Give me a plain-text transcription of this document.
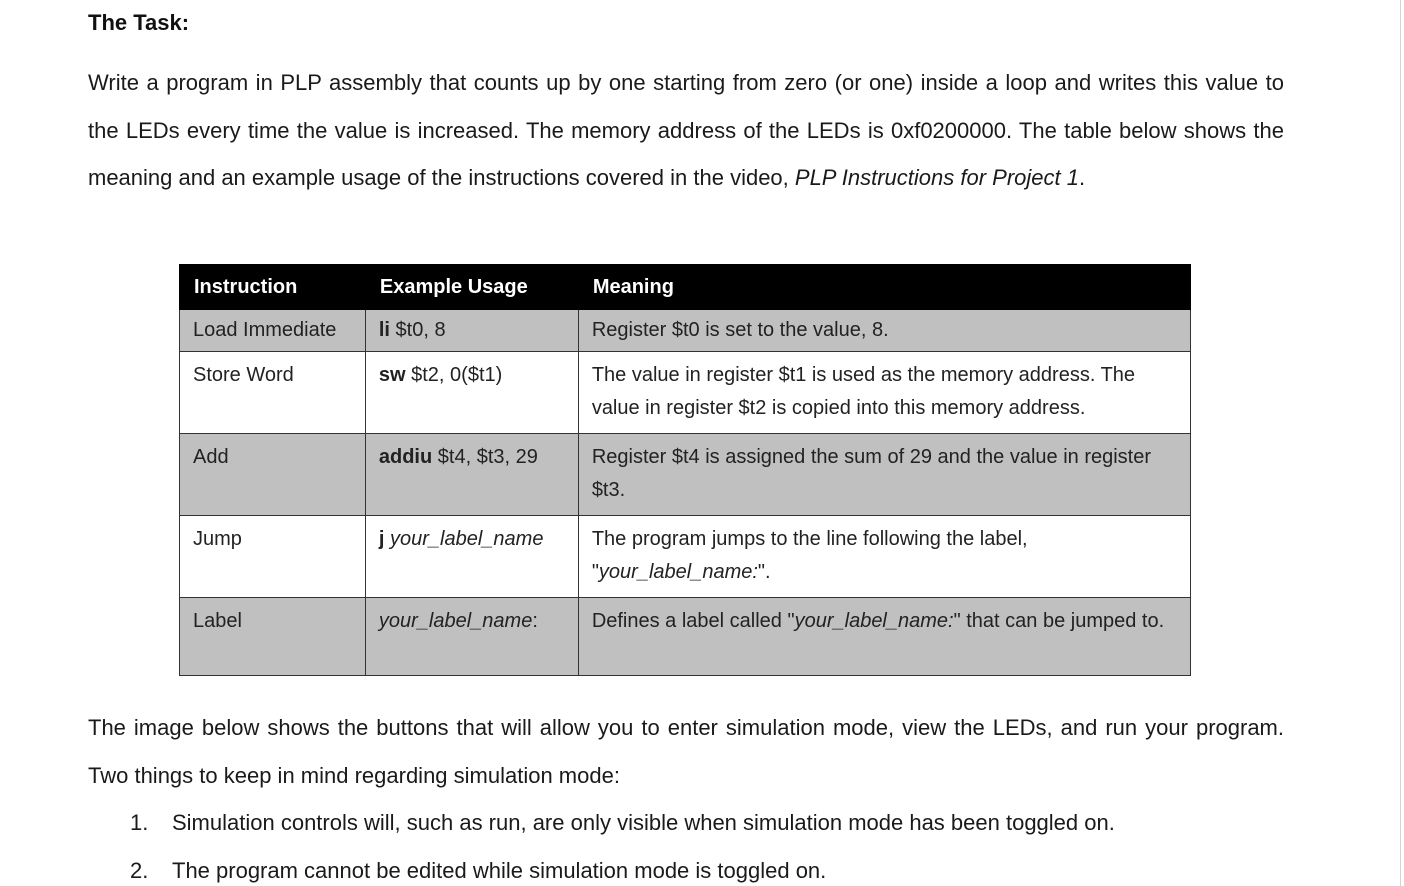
The Task:

Write a program in PLP assembly that counts up by one starting from zero (or one) inside a loop and writes this value to the LEDs every time the value is increased. The memory address of the LEDs is 0xf0200000. The table below shows the meaning and an example usage of the instructions covered in the video, PLP Instructions for Project 1.

Instruction	Example Usage	Meaning
Load Immediate	li $t0, 8	Register $t0 is set to the value, 8.
Store Word	sw $t2, 0($t1)	The value in register $t1 is used as the memory address. The value in register $t2 is copied into this memory address.
Add	addiu $t4, $t3, 29	Register $t4 is assigned the sum of 29 and the value in register $t3.
Jump	j your_label_name	The program jumps to the line following the label, "your_label_name:".
Label	your_label_name:	Defines a label called "your_label_name:" that can be jumped to.

The image below shows the buttons that will allow you to enter simulation mode, view the LEDs, and run your program. Two things to keep in mind regarding simulation mode:

1. Simulation controls will, such as run, are only visible when simulation mode has been toggled on.
2. The program cannot be edited while simulation mode is toggled on.
